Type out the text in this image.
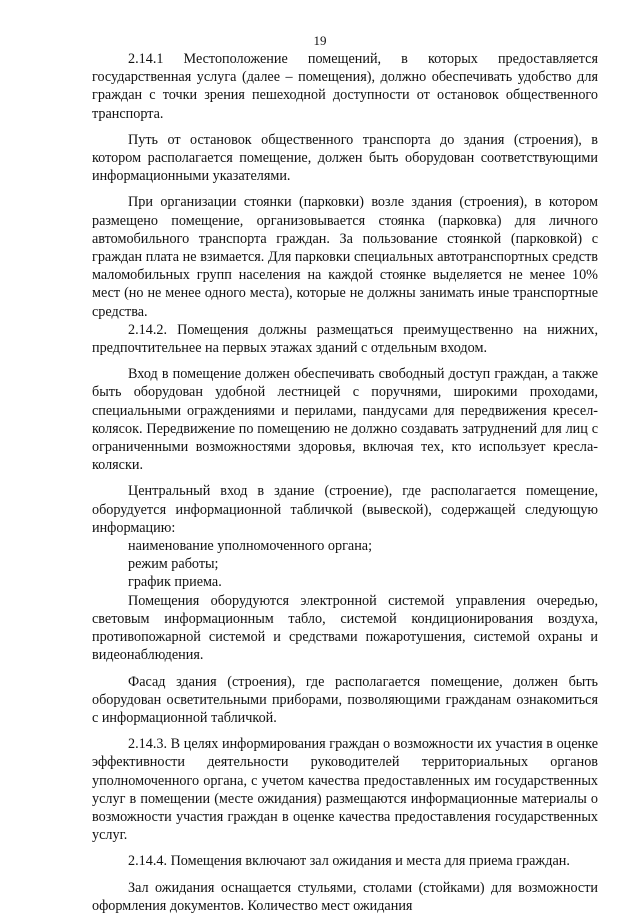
19

2.14.1 Местоположение помещений, в которых предоставляется государственная услуга (далее – помещения), должно обеспечивать удобство для граждан с точки зрения пешеходной доступности от остановок общественного транспорта.

Путь от остановок общественного транспорта до здания (строения), в котором располагается помещение, должен быть оборудован соответствующими информационными указателями.

При организации стоянки (парковки) возле здания (строения), в котором размещено помещение, организовывается стоянка (парковка) для личного автомобильного транспорта граждан. За пользование стоянкой (парковкой) с граждан плата не взимается. Для парковки специальных автотранспортных средств маломобильных групп населения на каждой стоянке выделяется не менее 10% мест (но не менее одного места), которые не должны занимать иные транспортные средства.

2.14.2. Помещения должны размещаться преимущественно на нижних, предпочтительнее на первых этажах зданий с отдельным входом.

Вход в помещение должен обеспечивать свободный доступ граждан, а также быть оборудован удобной лестницей с поручнями, широкими проходами, специальными ограждениями и перилами, пандусами для передвижения кресел-колясок. Передвижение по помещению не должно создавать затруднений для лиц с ограниченными возможностями здоровья, включая тех, кто использует кресла-коляски.

Центральный вход в здание (строение), где располагается помещение, оборудуется информационной табличкой (вывеской), содержащей следующую информацию:

наименование уполномоченного органа;

режим работы;

график приема.

Помещения оборудуются электронной системой управления очередью, световым информационным табло, системой кондиционирования воздуха, противопожарной системой и средствами пожаротушения, системой охраны и видеонаблюдения.

Фасад здания (строения), где располагается помещение, должен быть оборудован осветительными приборами, позволяющими гражданам ознакомиться с информационной табличкой.

2.14.3. В целях информирования граждан о возможности их участия в оценке эффективности деятельности руководителей территориальных органов уполномоченного органа, с учетом качества предоставленных им государственных услуг в помещении (месте ожидания) размещаются информационные материалы о возможности участия граждан в оценке качества предоставления государственных услуг.

2.14.4. Помещения включают зал ожидания и места для приема граждан.

Зал ожидания оснащается стульями, столами (стойками) для возможности оформления документов. Количество мест ожидания
